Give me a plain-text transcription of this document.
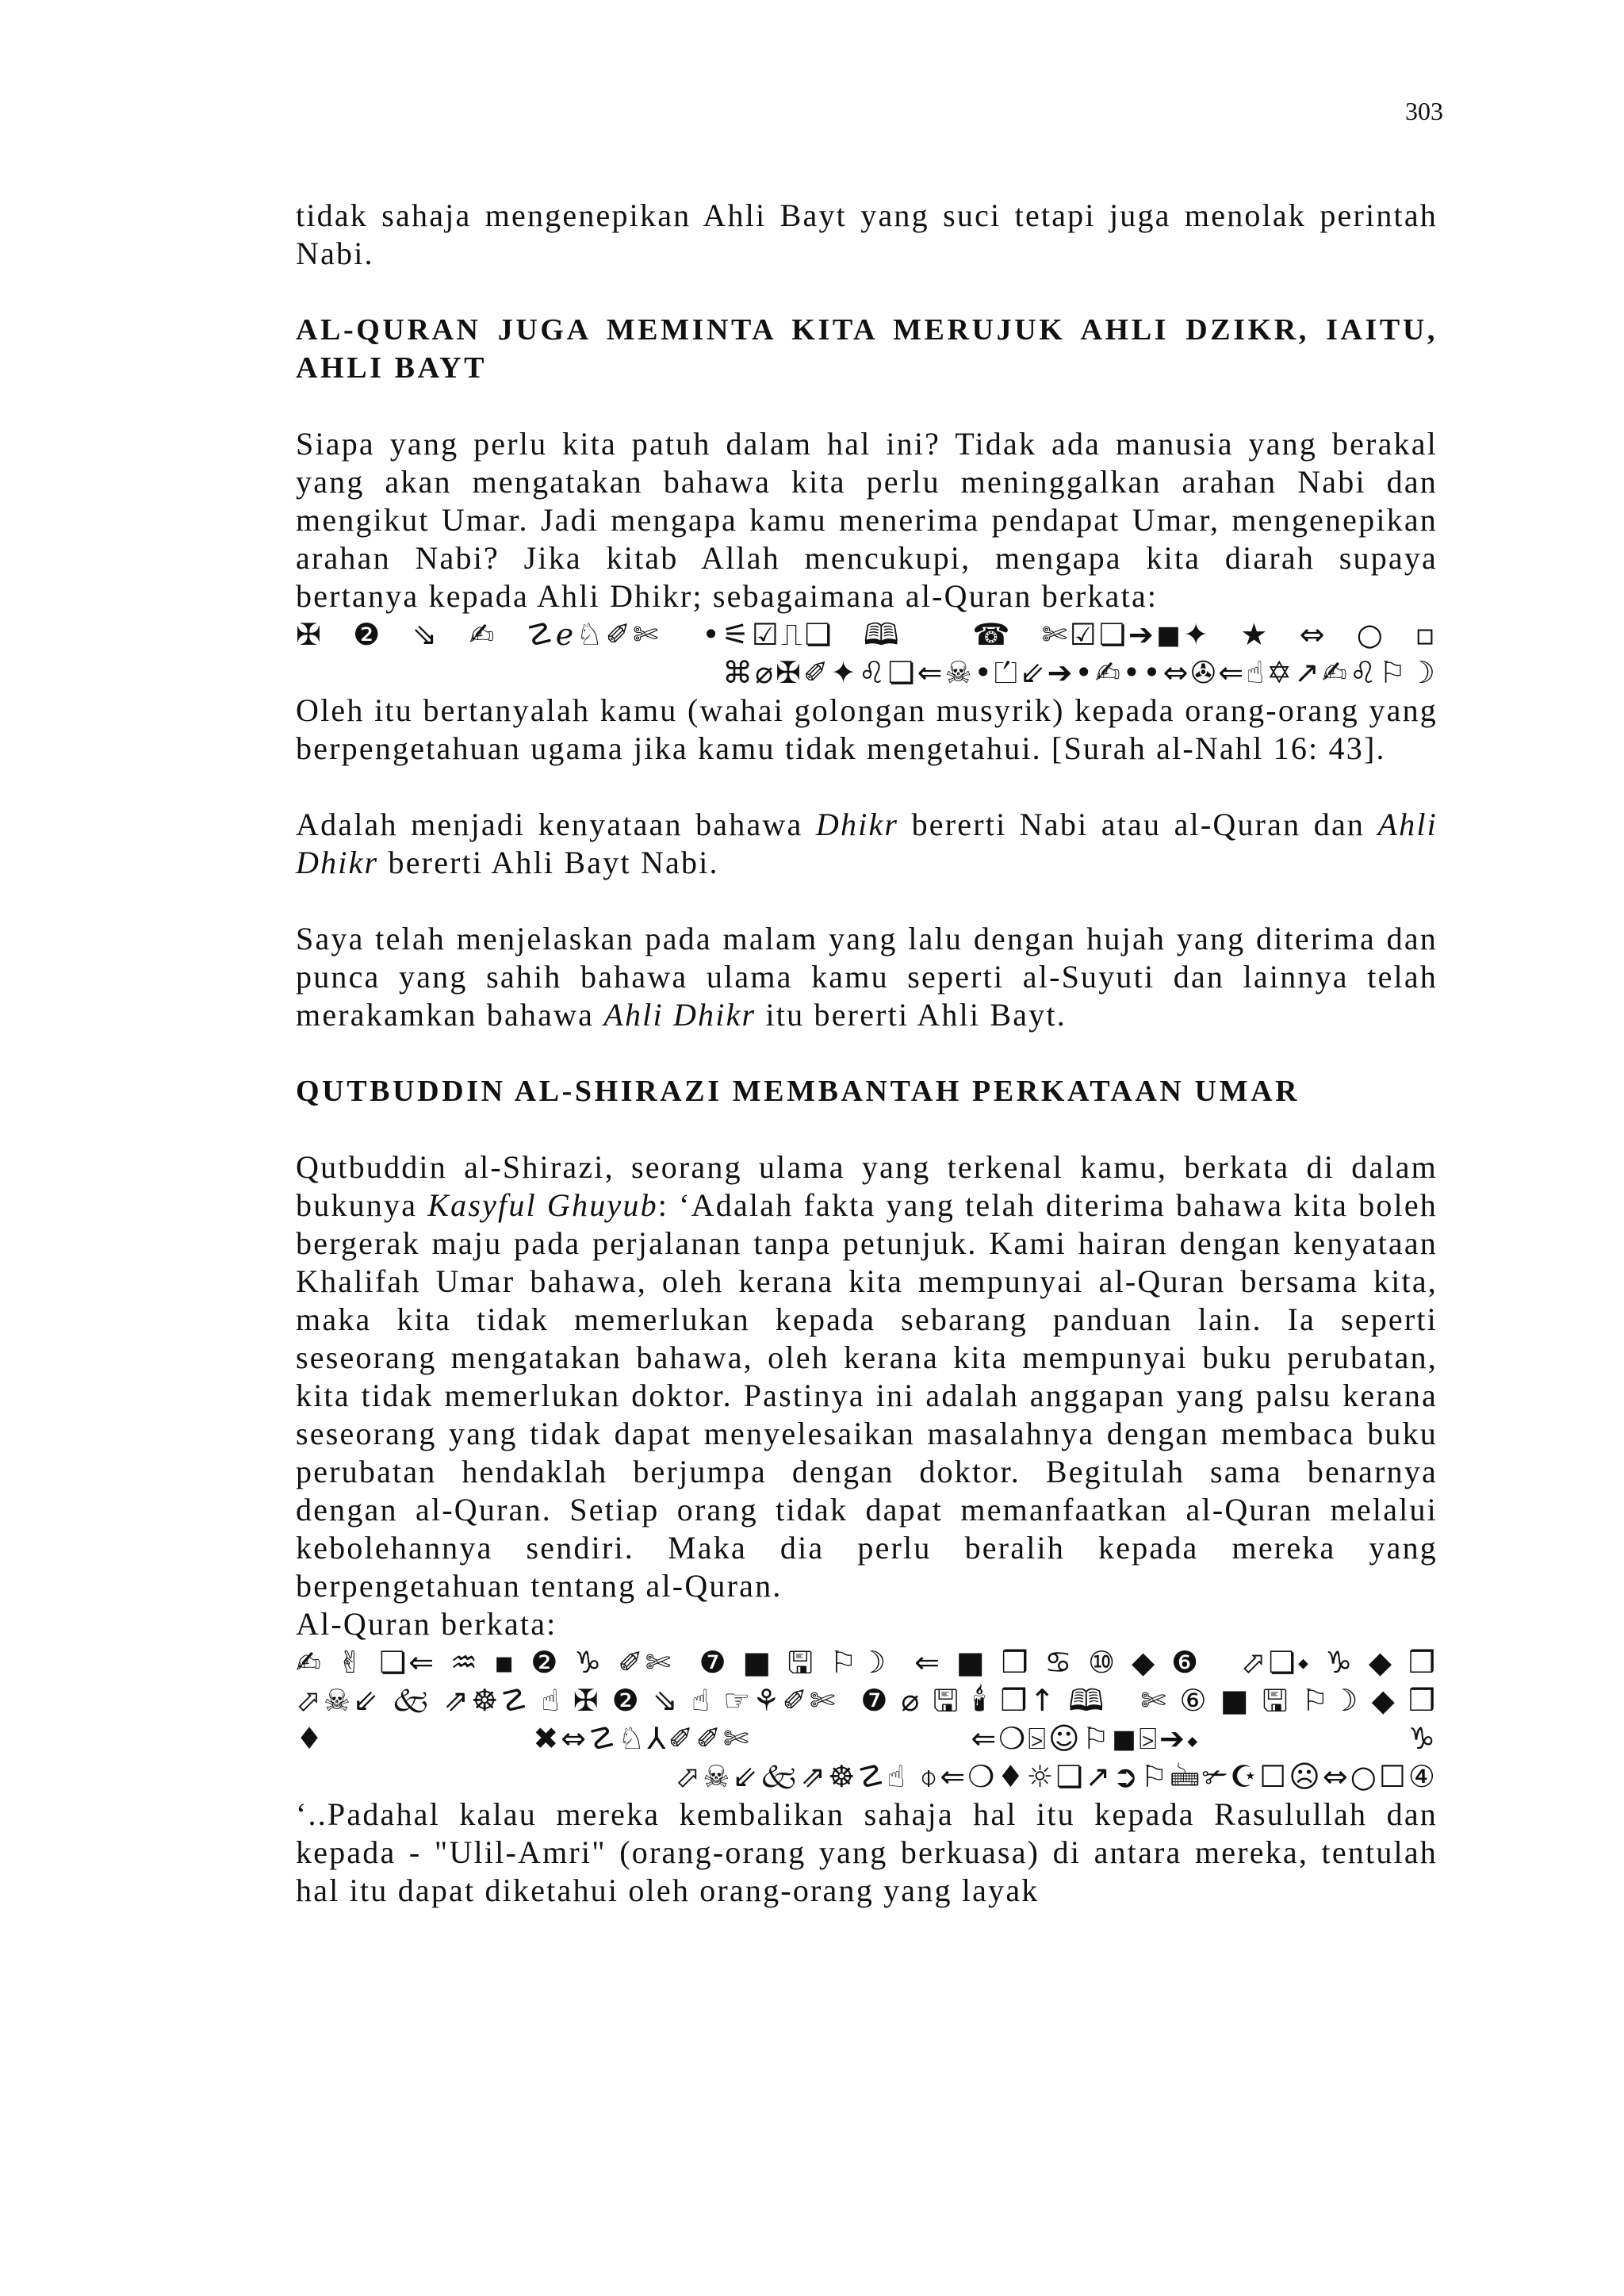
303

tidak sahaja mengenepikan Ahli Bayt yang suci tetapi juga menolak perintah Nabi.

AL-QURAN JUGA MEMINTA KITA MERUJUK AHLI DZIKR, IAITU, AHLI BAYT

Siapa yang perlu kita patuh dalam hal ini? Tidak ada manusia yang berakal yang akan mengatakan bahawa kita perlu meninggalkan arahan Nabi dan mengikut Umar. Jadi mengapa kamu menerima pendapat Umar, mengenepikan arahan Nabi? Jika kitab Allah mencukupi, mengapa kita diarah supaya bertanya kepada Ahli Dhikr; sebagaimana al-Quran berkata:

✠❷⇘✍☡ℯ♘✐✄ •⚟☑⎍❏🕮 ☎✄☑❏➔◼✦★⇔○▫
⌘⌀✠✐✦♌❏⇐☠•⏍⇙➔•✍••⇔✇⇐☝✡↗✍♌⚐☽

Oleh itu bertanyalah kamu (wahai golongan musyrik) kepada orang-orang yang berpengetahuan ugama jika kamu tidak mengetahui. [Surah al-Nahl 16: 43].

Adalah menjadi kenyataan bahawa Dhikr bererti Nabi atau al-Quran dan Ahli Dhikr bererti Ahli Bayt Nabi.

Saya telah menjelaskan pada malam yang lalu dengan hujah yang diterima dan punca yang sahih bahawa ulama kamu seperti al-Suyuti dan lainnya telah merakamkan bahawa Ahli Dhikr itu bererti Ahli Bayt.

QUTBUDDIN AL-SHIRAZI MEMBANTAH PERKATAAN UMAR

Qutbuddin al-Shirazi, seorang ulama yang terkenal kamu, berkata di dalam bukunya Kasyful Ghuyub: ‘Adalah fakta yang telah diterima bahawa kita boleh bergerak maju pada perjalanan tanpa petunjuk. Kami hairan dengan kenyataan Khalifah Umar bahawa, oleh kerana kita mempunyai al-Quran bersama kita, maka kita tidak memerlukan kepada sebarang panduan lain. Ia seperti seseorang mengatakan bahawa, oleh kerana kita mempunyai buku perubatan, kita tidak memerlukan doktor. Pastinya ini adalah anggapan yang palsu kerana seseorang yang tidak dapat menyelesaikan masalahnya dengan membaca buku perubatan hendaklah berjumpa dengan doktor. Begitulah sama benarnya dengan al-Quran. Setiap orang tidak dapat memanfaatkan al-Quran melalui kebolehannya sendiri. Maka dia perlu beralih kepada mereka yang berpengetahuan tentang al-Quran.

Al-Quran berkata:

✍✌❏⇐♒▪❷♑✐✄ ❼■🖫⚐☽ ⇐■❒♋⑩◆❻ ⬀❏⬩♑◆❒
⬀☠⇙🙵⇗☸☡☝✠❷⇘☝☞⚘✐✄ ❼⌀🖫🕯❒↑🕮 ✄⑥■🖫⚐☽◆❒
♦✖⇔☡♘⅄✐✐✄ ⇐❍⍄☺⚐◼⍄➔⬩♑
⬀☠⇙🙵⇗☸☡☝ ⌽⇐❍♦☼❏↗➲⚐🖮✃☪☐☹⇔○☐④

‘..Padahal kalau mereka kembalikan sahaja hal itu kepada Rasulullah dan kepada - "Ulil-Amri" (orang-orang yang berkuasa) di antara mereka, tentulah hal itu dapat diketahui oleh orang-orang yang layak
